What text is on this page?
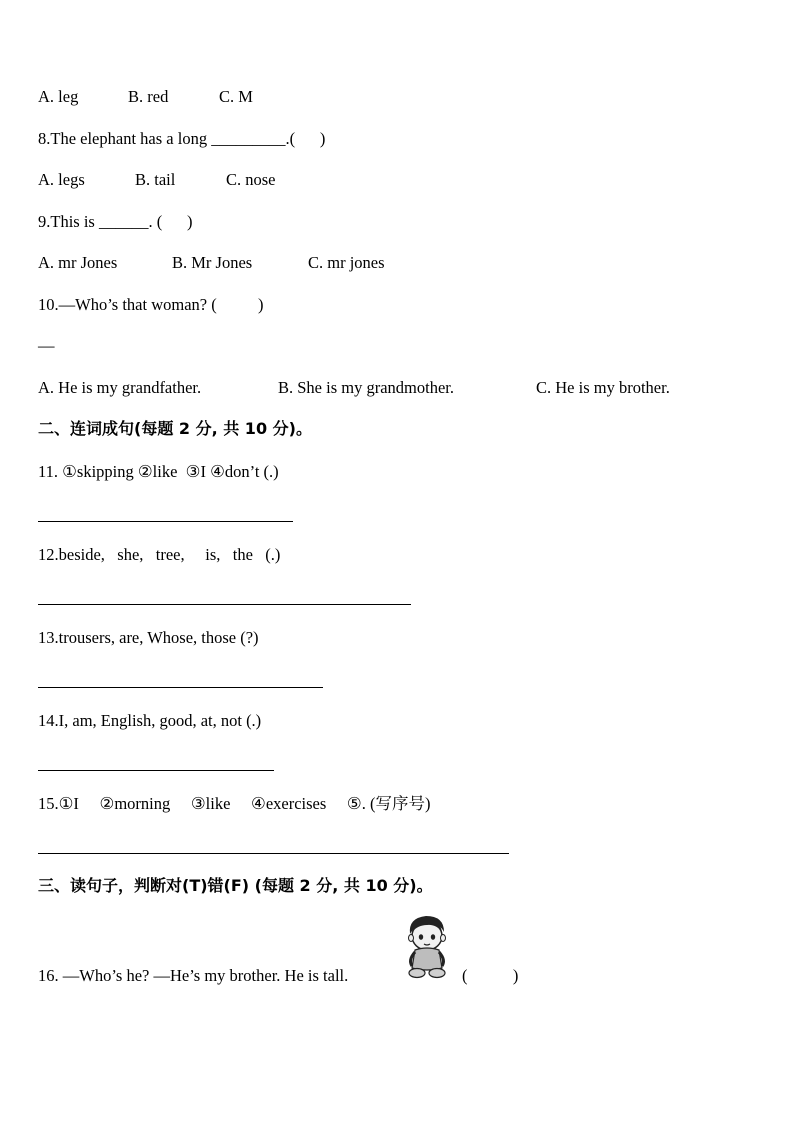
A. leg	B. red	C. M
8.The elephant has a long _________.(      )
A. legs	B. tail	C. nose
9.This is ______. (      )
A. mr Jones	B. Mr Jones	C. mr jones
10.—Who’s that woman? (          )
—
A. He is my grandfather.	B. She is my grandmother.	C. He is my brother.
二、连词成句(每题 2 分, 共 10 分)。
11. ①skipping ②like  ③I ④don’t (.)
12.beside,   she,   tree,     is,   the   (.)
13.trousers, are, Whose, those (?)
14.I, am, English, good, at, not (.)
15.①I     ②morning     ③like     ④exercises     ⑤. (写序号)
三、读句子，判断对(T)错(F) (每题 2 分, 共 10 分)。
16. —Who’s he? —He’s my brother. He is tall.	(           )
